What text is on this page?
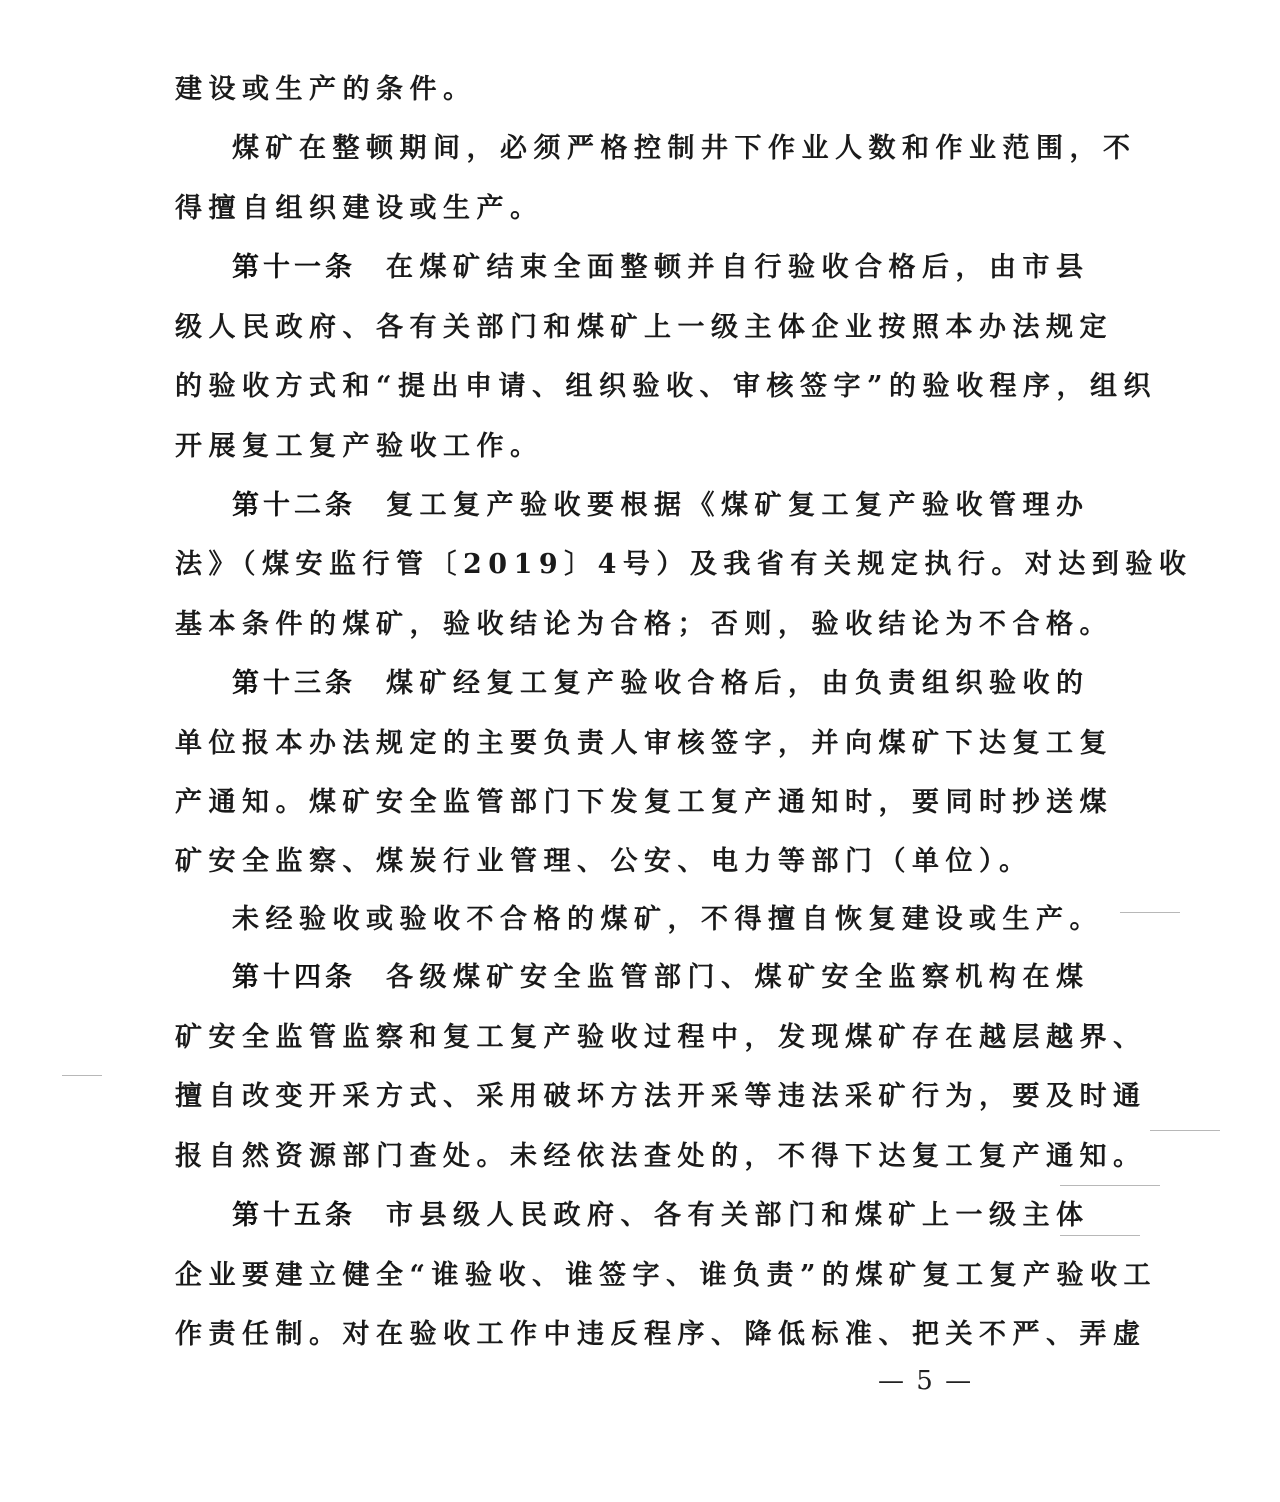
建设或生产的条件。
煤矿在整顿期间，必须严格控制井下作业人数和作业范围，不
得擅自组织建设或生产。
第十一条 在煤矿结束全面整顿并自行验收合格后，由市县
级人民政府、各有关部门和煤矿上一级主体企业按照本办法规定
的验收方式和“提出申请、组织验收、审核签字”的验收程序，组织
开展复工复产验收工作。
第十二条 复工复产验收要根据《煤矿复工复产验收管理办
法》（煤安监行管〔2019〕4号）及我省有关规定执行。对达到验收
基本条件的煤矿，验收结论为合格；否则，验收结论为不合格。
第十三条 煤矿经复工复产验收合格后，由负责组织验收的
单位报本办法规定的主要负责人审核签字，并向煤矿下达复工复
产通知。煤矿安全监管部门下发复工复产通知时，要同时抄送煤
矿安全监察、煤炭行业管理、公安、电力等部门（单位）。
未经验收或验收不合格的煤矿，不得擅自恢复建设或生产。
第十四条 各级煤矿安全监管部门、煤矿安全监察机构在煤
矿安全监管监察和复工复产验收过程中，发现煤矿存在越层越界、
擅自改变开采方式、采用破坏方法开采等违法采矿行为，要及时通
报自然资源部门查处。未经依法查处的，不得下达复工复产通知。
第十五条 市县级人民政府、各有关部门和煤矿上一级主体
企业要建立健全“谁验收、谁签字、谁负责”的煤矿复工复产验收工
作责任制。对在验收工作中违反程序、降低标准、把关不严、弄虚
— 5 —
